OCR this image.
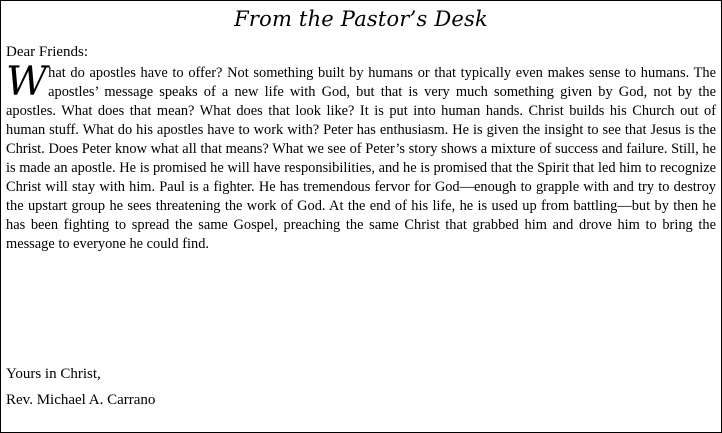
From the Pastor’s Desk
Dear Friends:

What do apostles have to offer? Not something built by humans or that typically even makes sense to humans. The apostles’ message speaks of a new life with God, but that is very much something given by God, not by the apostles. What does that mean? What does that look like? It is put into human hands. Christ builds his Church out of human stuff. What do his apostles have to work with? Peter has enthusiasm. He is given the insight to see that Jesus is the Christ. Does Peter know what all that means? What we see of Peter’s story shows a mixture of success and failure. Still, he is made an apostle. He is promised he will have responsibilities, and he is promised that the Spirit that led him to recognize Christ will stay with him. Paul is a fighter. He has tremendous fervor for God—enough to grapple with and try to destroy the upstart group he sees threatening the work of God. At the end of his life, he is used up from battling—but by then he has been fighting to spread the same Gospel, preaching the same Christ that grabbed him and drove him to bring the message to everyone he could find.

Yours in Christ,
Rev. Michael A. Carrano
